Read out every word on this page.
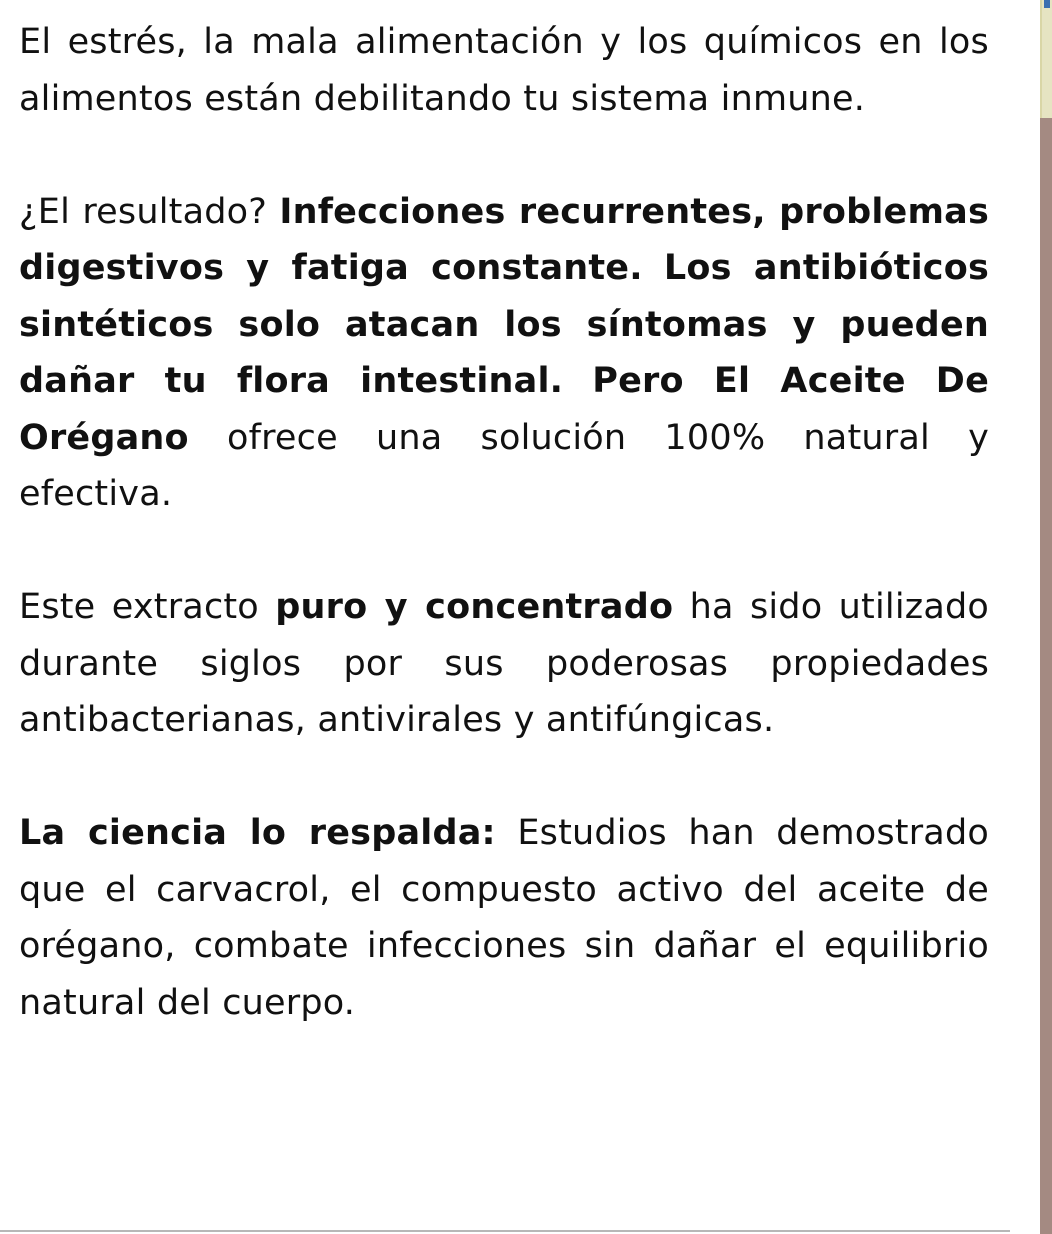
El estrés, la mala alimentación y los químicos en los alimentos están debilitando tu sistema inmune.

¿El resultado? Infecciones recurrentes, problemas digestivos y fatiga constante. Los antibióticos sintéticos solo atacan los síntomas y pueden dañar tu flora intestinal. Pero El Aceite De Orégano ofrece una solución 100% natural y efectiva.

Este extracto puro y concentrado ha sido utilizado durante siglos por sus poderosas propiedades antibacterianas, antivirales y antifúngicas.

La ciencia lo respalda: Estudios han demostrado que el carvacrol, el compuesto activo del aceite de orégano, combate infecciones sin dañar el equilibrio natural del cuerpo.
